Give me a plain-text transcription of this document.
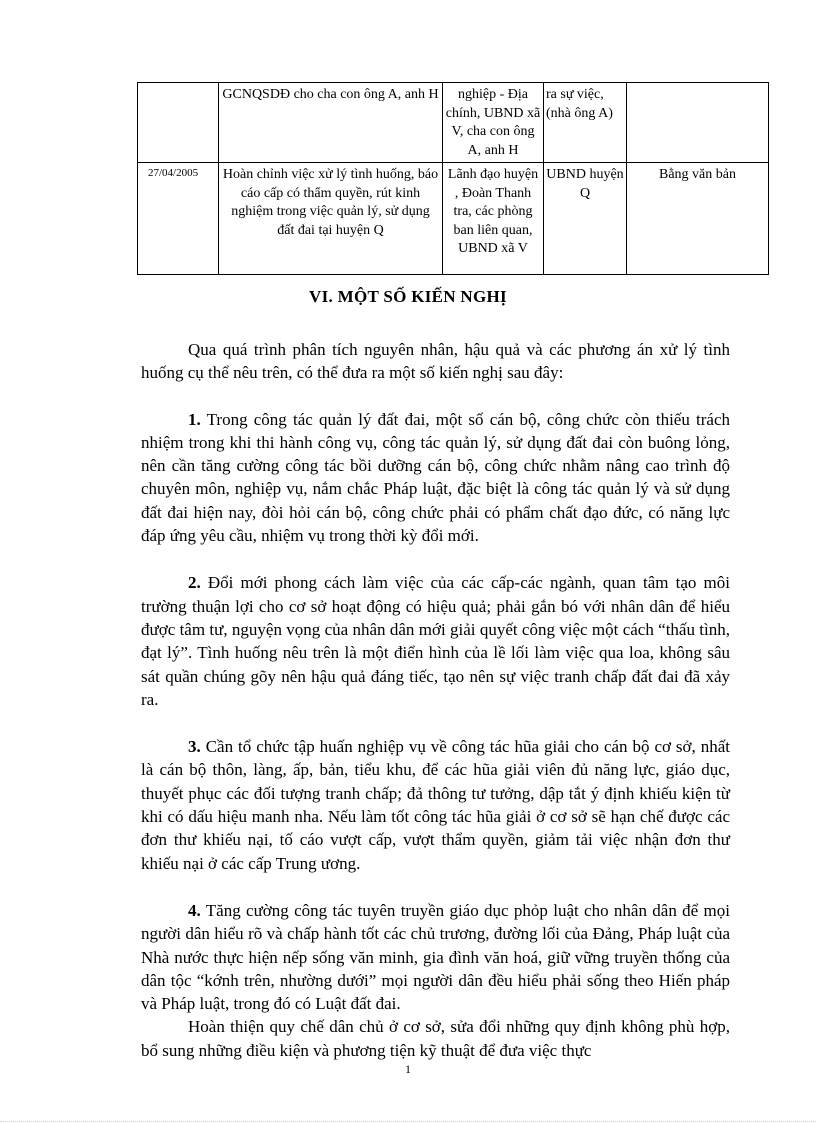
	GCNQSDĐ cho cha con ông A, anh H	nghiệp - Địa chính, UBND xã V, cha con ông A, anh H	ra sự việc, (nhà ông A)	
27/04/2005	Hoàn chỉnh việc xử lý tình huống, báo cáo cấp có thẩm quyền, rút kinh nghiệm trong việc quản lý, sử dụng đất đai tại huyện Q	Lãnh đạo huyện , Đoàn Thanh tra, các phòng ban liên quan, UBND xã V	UBND huyện Q	Bằng văn bản
VI. MỘT SỐ KIẾN NGHỊ

Qua quá trình phân tích nguyên nhân, hậu quả và các phương án xử lý tình huống cụ thể nêu trên, có thể đưa ra một số kiến nghị sau đây:

1. Trong công tác quản lý đất đai, một số cán bộ, công chức còn thiếu trách nhiệm trong khi thi hành công vụ, công tác quản lý, sử dụng đất đai còn buông lỏng, nên cần tăng cường công tác bồi dưỡng cán bộ, công chức nhằm nâng cao trình độ chuyên môn, nghiệp vụ, nắm chắc Pháp luật, đặc biệt là công tác quản lý và sử dụng đất đai hiện nay, đòi hỏi cán bộ, công chức phải có phẩm chất đạo đức, có năng lực đáp ứng yêu cầu, nhiệm vụ trong thời kỳ đổi mới.

2. Đổi mới phong cách làm việc của các cấp-các ngành, quan tâm tạo môi trường thuận lợi cho cơ sở hoạt động có hiệu quả; phải gắn bó với nhân dân để hiểu được tâm tư, nguyện vọng của nhân dân mới giải quyết công việc một cách “thấu tình, đạt lý”. Tình huống nêu trên là một điển hình của lề lối làm việc qua loa, không sâu sát quần chúng gõy nên hậu quả đáng tiếc, tạo nên sự việc tranh chấp đất đai đã xảy ra.

3. Cần tổ chức tập huấn nghiệp vụ về công tác hũa giải cho cán bộ cơ sở, nhất là cán bộ thôn, làng, ấp, bản, tiểu khu, để các hũa giải viên đủ năng lực, giáo dục, thuyết phục các đối tượng tranh chấp; đả thông tư tưởng, dập tắt ý định khiếu kiện từ khi có dấu hiệu manh nha. Nếu làm tốt công tác hũa giải ở cơ sở sẽ hạn chế được các đơn thư khiếu nại, tố cáo vượt cấp, vượt thẩm quyền, giảm tải việc nhận đơn thư khiếu nại ở các cấp Trung ương.

4. Tăng cường công tác tuyên truyền giáo dục phỏp luật cho nhân dân để mọi người dân hiểu rõ và chấp hành tốt các chủ trương, đường lối của Đảng, Pháp luật của Nhà nước thực hiện nếp sống văn minh, gia đình văn hoá, giữ vững truyền thống của dân tộc “kớnh trên, nhường dưới” mọi người dân đều hiểu phải sống theo Hiến pháp và Pháp luật, trong đó có Luật đất đai.

Hoàn thiện quy chế dân chủ ở cơ sở, sửa đổi những quy định không phù hợp, bổ sung những điều kiện và phương tiện kỹ thuật để đưa việc thực

1
